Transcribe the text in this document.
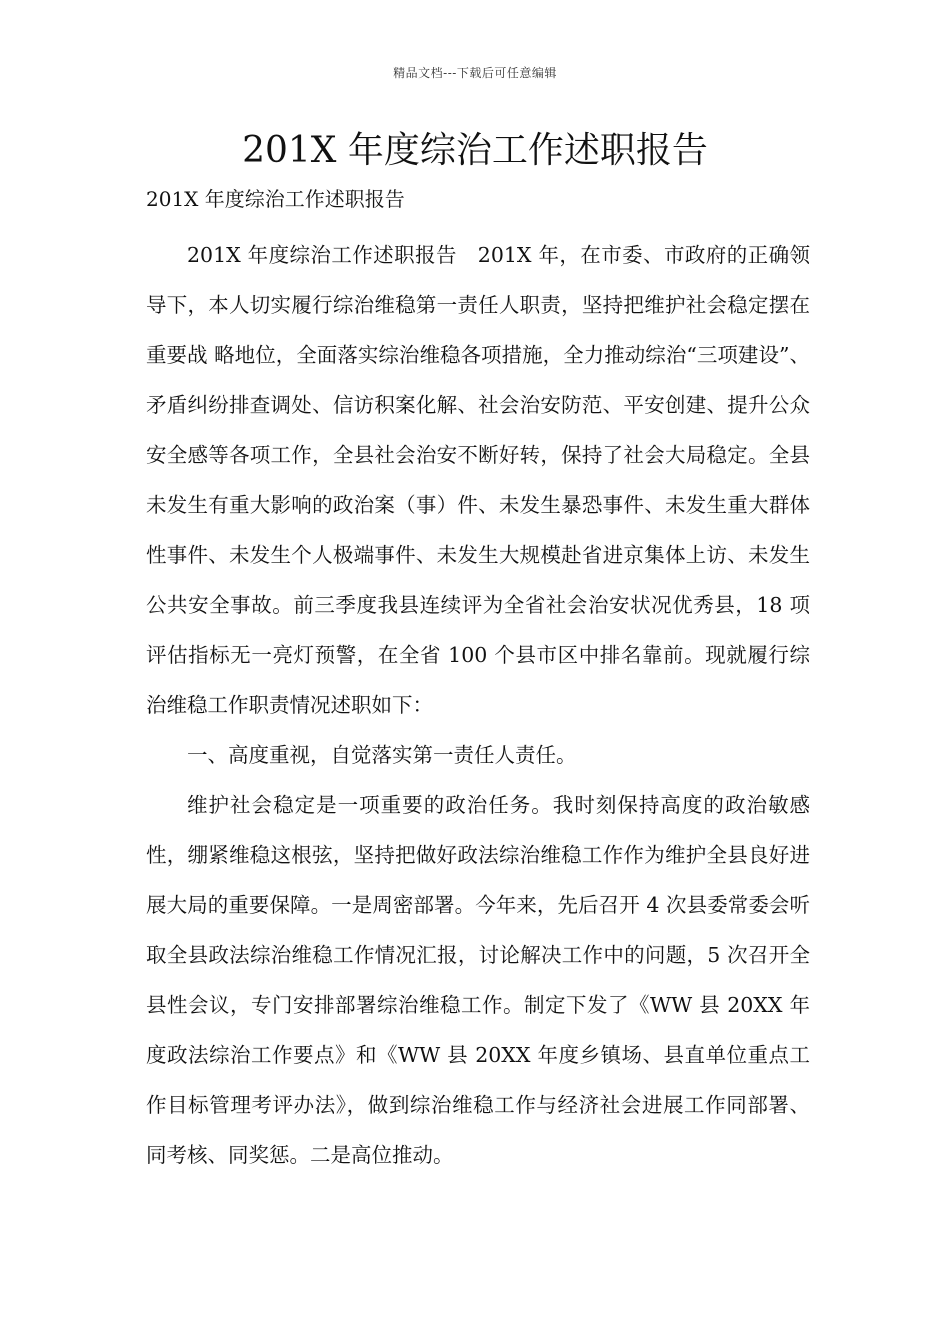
精品文档---下载后可任意编辑
201X 年度综治工作述职报告
201X 年度综治工作述职报告

201X 年度综治工作述职报告　201X 年，在市委、市政府的正确领导下，本人切实履行综治维稳第一责任人职责，坚持把维护社会稳定摆在重要战 略地位，全面落实综治维稳各项措施，全力推动综治“三项建设”、矛盾纠纷排查调处、信访积案化解、社会治安防范、平安创建、提升公众安全感等各项工作，全县社会治安不断好转，保持了社会大局稳定。全县未发生有重大影响的政治案（事）件、未发生暴恐事件、未发生重大群体性事件、未发生个人极端事件、未发生大规模赴省进京集体上访、未发生公共安全事故。前三季度我县连续评为全省社会治安状况优秀县，18 项评估指标无一亮灯预警，在全省 100 个县市区中排名靠前。现就履行综治维稳工作职责情况述职如下：

一、高度重视，自觉落实第一责任人责任。

维护社会稳定是一项重要的政治任务。我时刻保持高度的政治敏感性，绷紧维稳这根弦，坚持把做好政法综治维稳工作作为维护全县良好进展大局的重要保障。一是周密部署。今年来，先后召开 4 次县委常委会听取全县政法综治维稳工作情况汇报，讨论解决工作中的问题，5 次召开全县性会议，专门安排部署综治维稳工作。制定下发了《WW 县 20XX 年度政法综治工作要点》和《WW 县 20XX 年度乡镇场、县直单位重点工作目标管理考评办法》，做到综治维稳工作与经济社会进展工作同部署、同考核、同奖惩。二是高位推动。
